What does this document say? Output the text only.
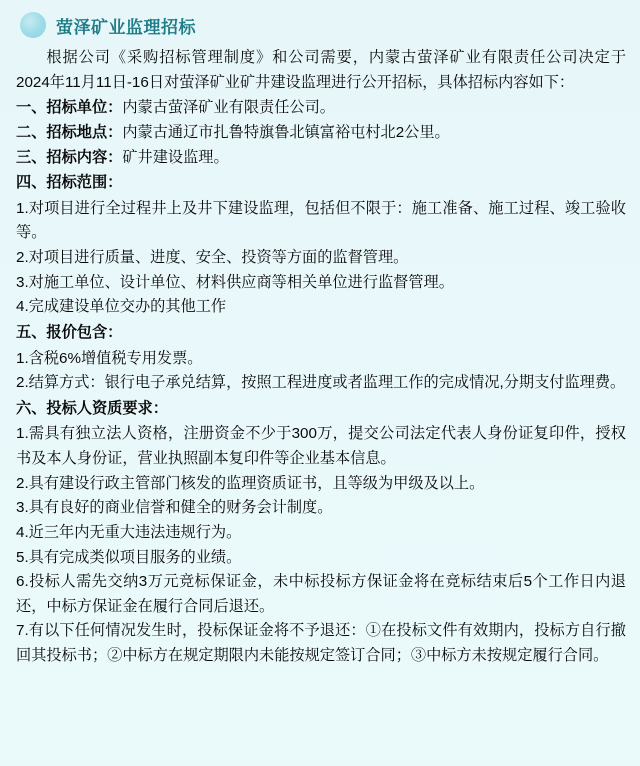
萤泽矿业监理招标

根据公司《采购招标管理制度》和公司需要，内蒙古萤泽矿业有限责任公司决定于2024年11月11日-16日对萤泽矿业矿井建设监理进行公开招标，具体招标内容如下：

一、招标单位：内蒙古萤泽矿业有限责任公司。

二、招标地点：内蒙古通辽市扎鲁特旗鲁北镇富裕屯村北2公里。

三、招标内容：矿井建设监理。

四、招标范围：

1.对项目进行全过程井上及井下建设监理，包括但不限于：施工准备、施工过程、竣工验收等。

2.对项目进行质量、进度、安全、投资等方面的监督管理。

3.对施工单位、设计单位、材料供应商等相关单位进行监督管理。

4.完成建设单位交办的其他工作

五、报价包含：

1.含税6%增值税专用发票。

2.结算方式：银行电子承兑结算，按照工程进度或者监理工作的完成情况,分期支付监理费。

六、投标人资质要求：

1.需具有独立法人资格，注册资金不少于300万，提交公司法定代表人身份证复印件，授权书及本人身份证，营业执照副本复印件等企业基本信息。

2.具有建设行政主管部门核发的监理资质证书，且等级为甲级及以上。

3.具有良好的商业信誉和健全的财务会计制度。

4.近三年内无重大违法违规行为。

5.具有完成类似项目服务的业绩。

6.投标人需先交纳3万元竞标保证金，未中标投标方保证金将在竞标结束后5个工作日内退还，中标方保证金在履行合同后退还。

7.有以下任何情况发生时，投标保证金将不予退还：①在投标文件有效期内，投标方自行撤回其投标书；②中标方在规定期限内未能按规定签订合同；③中标方未按规定履行合同。
